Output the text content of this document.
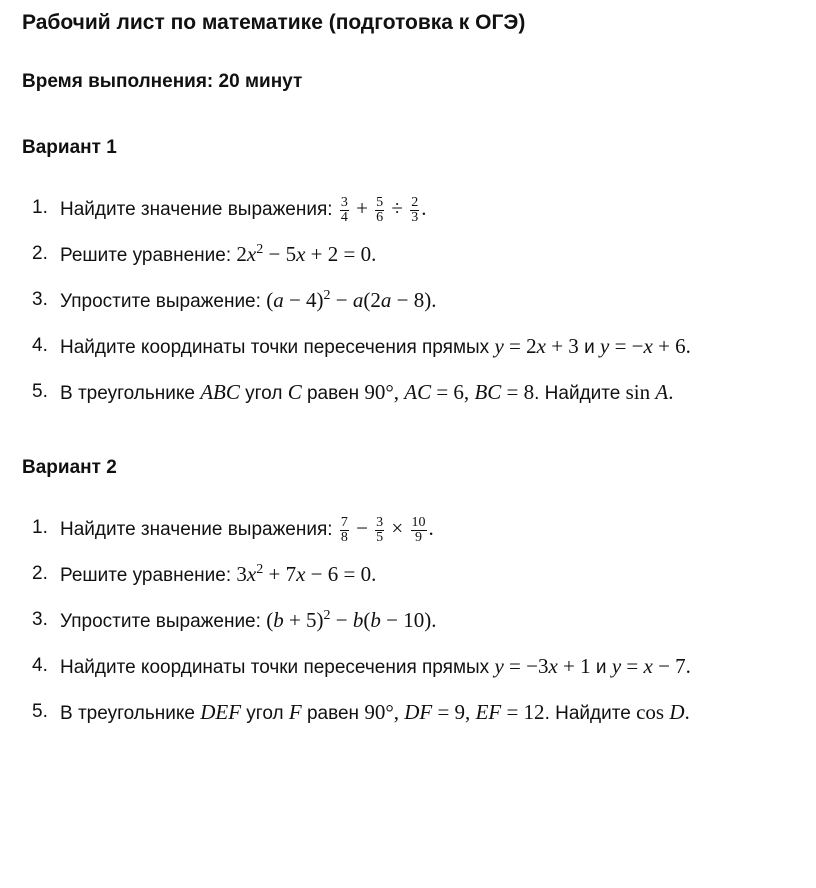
Рабочий лист по математике (подготовка к ОГЭ)
Время выполнения: 20 минут
Вариант 1
1. Найдите значение выражения: $\frac{3}{4} + \frac{5}{6} \div \frac{2}{3}$ .
2. Решите уравнение: $2x^2 - 5x + 2 = 0$.
3. Упростите выражение: $(a - 4)^2 - a(2a - 8)$.
4. Найдите координаты точки пересечения прямых y = 2x + 3 и y = −x + 6.
5. В треугольнике ABC угол C равен 90°, AC = 6, BC = 8. Найдите sin A.
Вариант 2
1. Найдите значение выражения: $\frac{7}{8} - \frac{3}{5} \times \frac{10}{9}$ .
2. Решите уравнение: $3x^2 + 7x - 6 = 0$.
3. Упростите выражение: $(b + 5)^2 - b(b - 10)$.
4. Найдите координаты точки пересечения прямых y = −3x + 1 и y = x − 7.
5. В треугольнике DEF угол F равен 90°, DF = 9, EF = 12. Найдите cos D.
